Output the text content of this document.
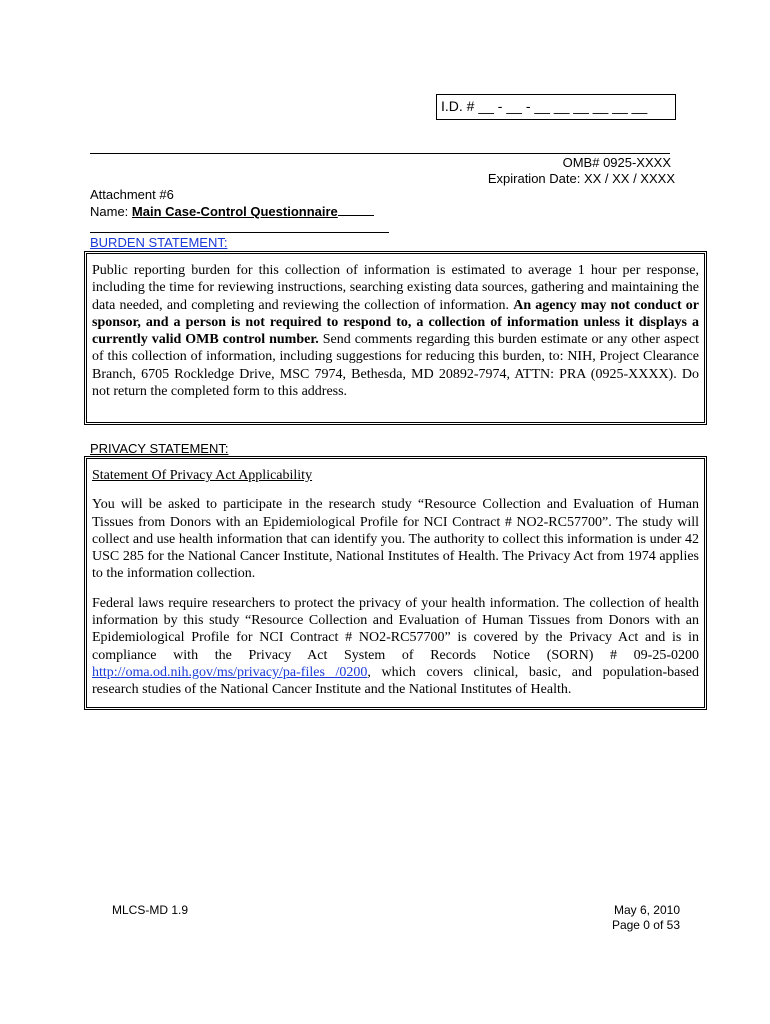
I.D. # __ - __ - __ __ __ __ __ __
OMB# 0925-XXXX
Expiration Date: XX / XX / XXXX
Attachment #6
Name: Main Case-Control Questionnaire
BURDEN STATEMENT:

Public reporting burden for this collection of information is estimated to average 1 hour per response, including the time for reviewing instructions, searching existing data sources, gathering and maintaining the data needed, and completing and reviewing the collection of information. An agency may not conduct or sponsor, and a person is not required to respond to, a collection of information unless it displays a currently valid OMB control number. Send comments regarding this burden estimate or any other aspect of this collection of information, including suggestions for reducing this burden, to: NIH, Project Clearance Branch, 6705 Rockledge Drive, MSC 7974, Bethesda, MD 20892-7974, ATTN: PRA (0925-XXXX). Do not return the completed form to this address.

PRIVACY STATEMENT:

Statement Of Privacy Act Applicability

You will be asked to participate in the research study “Resource Collection and Evaluation of Human Tissues from Donors with an Epidemiological Profile for NCI Contract # NO2-RC57700”. The study will collect and use health information that can identify you. The authority to collect this information is under 42 USC 285 for the National Cancer Institute, National Institutes of Health. The Privacy Act from 1974 applies to the information collection.

Federal laws require researchers to protect the privacy of your health information. The collection of health information by this study “Resource Collection and Evaluation of Human Tissues from Donors with an Epidemiological Profile for NCI Contract # NO2-RC57700” is covered by the Privacy Act and is in compliance with the Privacy Act System of Records Notice (SORN) # 09-25-0200 http://oma.od.nih.gov/ms/privacy/pa-files /0200, which covers clinical, basic, and population-based research studies of the National Cancer Institute and the National Institutes of Health.

MLCS-MD 1.9	May 6, 2010
Page 0 of 53
